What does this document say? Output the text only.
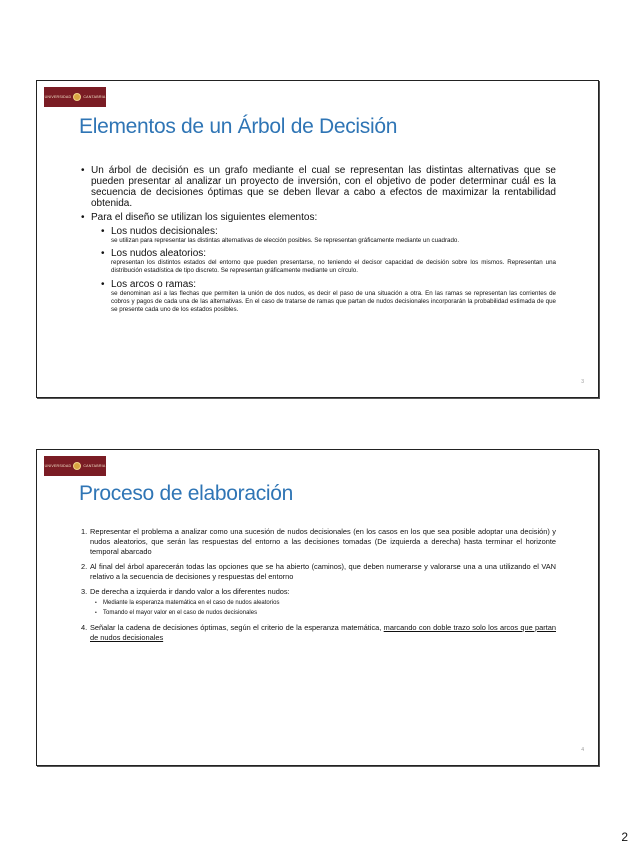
UNIVERSIDAD	CANTABRIA
Elementos de un Árbol de Decisión
• Un árbol de decisión es un grafo mediante el cual se representan las distintas alternativas que se pueden presentar al analizar un proyecto de inversión, con el objetivo de poder determinar cuál es la secuencia de decisiones óptimas que se deben llevar a cabo a efectos de maximizar la rentabilidad obtenida.
• Para el diseño se utilizan los siguientes elementos:
• Los nudos decisionales:
se utilizan para representar las distintas alternativas de elección posibles. Se representan gráficamente mediante un cuadrado.
• Los nudos aleatorios:
representan los distintos estados del entorno que pueden presentarse, no teniendo el decisor capacidad de decisión sobre los mismos. Representan una distribución estadística de tipo discreto. Se representan gráficamente mediante un círculo.
• Los arcos o ramas:
se denominan así a las flechas que permiten la unión de dos nudos, es decir el paso de una situación a otra. En las ramas se representan las corrientes de cobros y pagos de cada una de las alternativas. En el caso de tratarse de ramas que partan de nudos decisionales incorporarán la probabilidad estimada de que se presente cada uno de los estados posibles.
3
UNIVERSIDAD	CANTABRIA
Proceso de elaboración
1. Representar el problema a analizar como una sucesión de nudos decisionales (en los casos en los que sea posible adoptar una decisión) y nudos aleatorios, que serán las respuestas del entorno a las decisiones tomadas (De izquierda a derecha) hasta terminar el horizonte temporal abarcado
2. Al final del árbol aparecerán todas las opciones que se ha abierto (caminos), que deben numerarse y valorarse una a una utilizando el VAN relativo a la secuencia de decisiones y respuestas del entorno
3. De derecha a izquierda ir dando valor a los diferentes nudos:
• Mediante la esperanza matemática en el caso de nudos aleatorios
• Tomando el mayor valor en el caso de nudos decisionales
4. Señalar la cadena de decisiones óptimas, según el criterio de la esperanza matemática, marcando con doble trazo solo los arcos que partan de nudos decisionales
4
2
